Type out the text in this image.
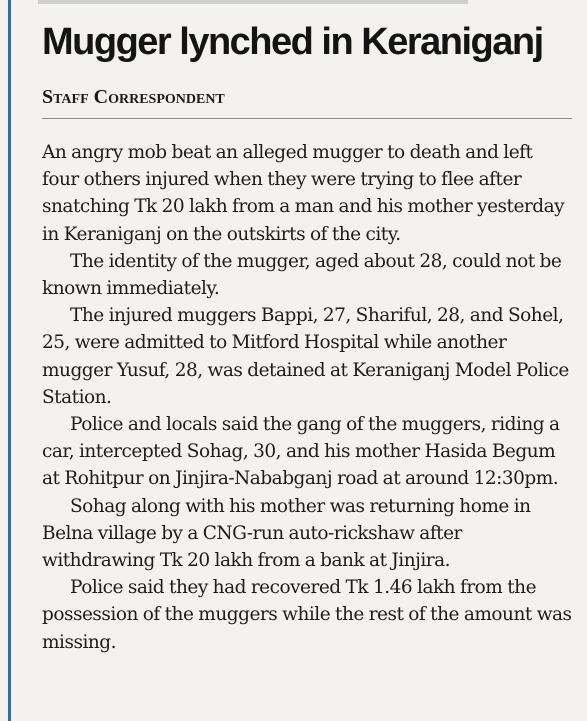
Mugger lynched in Keraniganj
Staff Correspondent

An angry mob beat an alleged mugger to death and left four others injured when they were trying to flee after snatching Tk 20 lakh from a man and his mother yesterday in Keraniganj on the outskirts of the city.

The identity of the mugger, aged about 28, could not be known immediately.

The injured muggers Bappi, 27, Shariful, 28, and Sohel, 25, were admitted to Mitford Hospital while another mugger Yusuf, 28, was detained at Keraniganj Model Police Station.

Police and locals said the gang of the muggers, riding a car, intercepted Sohag, 30, and his mother Hasida Begum at Rohitpur on Jinjira-Nababganj road at around 12:30pm.

Sohag along with his mother was returning home in Belna village by a CNG-run auto-rickshaw after withdrawing Tk 20 lakh from a bank at Jinjira.

Police said they had recovered Tk 1.46 lakh from the possession of the muggers while the rest of the amount was missing.
